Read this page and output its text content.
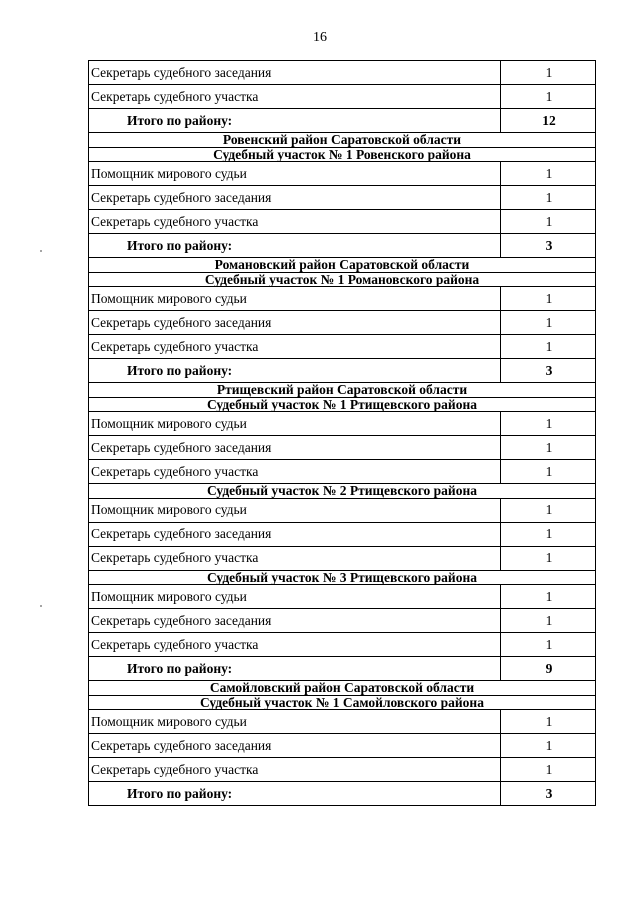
16
Секретарь судебного заседания	1
Секретарь судебного участка	1
Итого по району:	12
Ровенский район Саратовской области	
Судебный участок № 1 Ровенского района	
Помощник мирового судьи	1
Секретарь судебного заседания	1
Секретарь судебного участка	1
Итого по району:	3
Романовский район Саратовской области	
Судебный участок № 1 Романовского района	
Помощник мирового судьи	1
Секретарь судебного заседания	1
Секретарь судебного участка	1
Итого по району:	3
Ртищевский район Саратовской области	
Судебный участок № 1 Ртищевского района	
Помощник мирового судьи	1
Секретарь судебного заседания	1
Секретарь судебного участка	1
Судебный участок № 2 Ртищевского района	
Помощник мирового судьи	1
Секретарь судебного заседания	1
Секретарь судебного участка	1
Судебный участок № 3 Ртищевского района	
Помощник мирового судьи	1
Секретарь судебного заседания	1
Секретарь судебного участка	1
Итого по району:	9
Самойловский район Саратовской области	
Судебный участок № 1 Самойловского района	
Помощник мирового судьи	1
Секретарь судебного заседания	1
Секретарь судебного участка	1
Итого по району:	3
